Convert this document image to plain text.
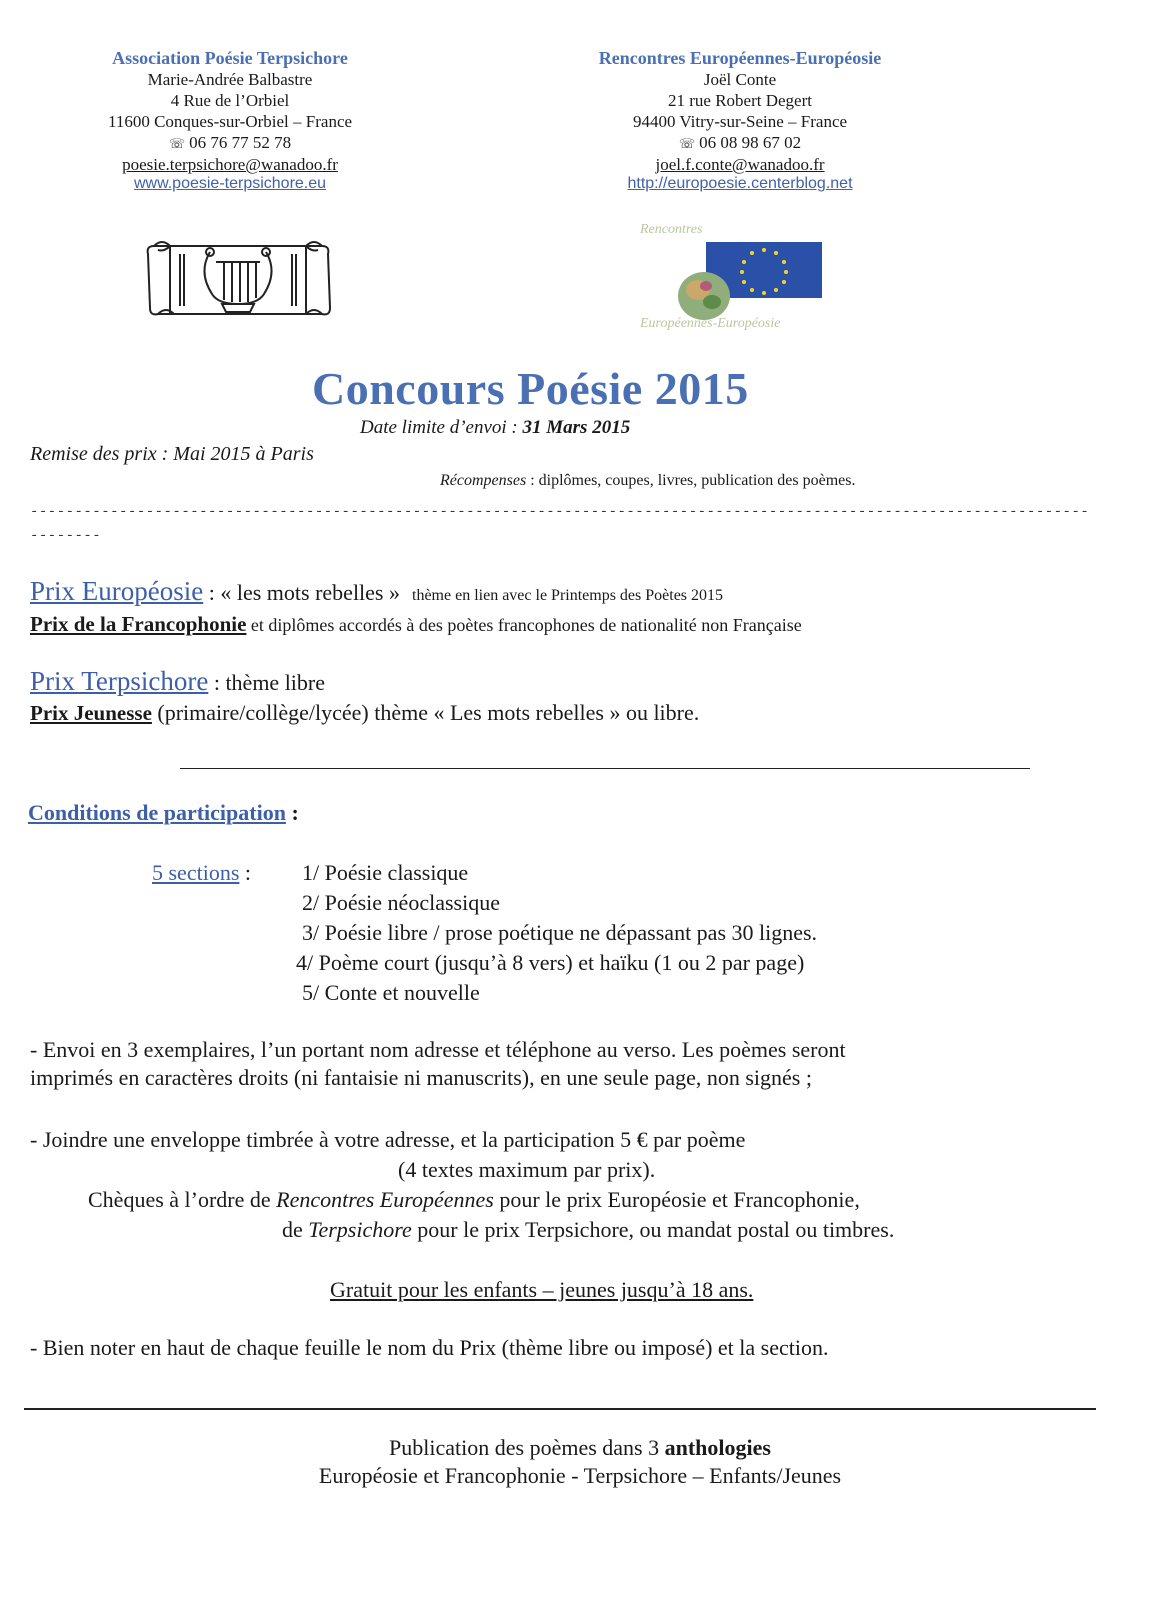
Association Poésie Terpsichore
Marie-Andrée Balbastre
4 Rue de l’Orbiel
11600 Conques-sur-Orbiel – France
☏ 06 76 77 52 78
poesie.terpsichore@wanadoo.fr
www.poesie-terpsichore.eu
Rencontres Européennes-Européosie
Joël Conte
21 rue Robert Degert
94400 Vitry-sur-Seine – France
☏ 06 08 98 67 02
joel.f.conte@wanadoo.fr
http://europoesie.centerblog.net
Rencontres
Européennes-Européosie
Concours Poésie 2015
Date limite d’envoi : 31 Mars 2015
Remise des prix : Mai 2015 à Paris
Récompenses : diplômes, coupes, livres, publication des poèmes.
-----------------------------------------------------------------------------------------------------------------------
--------
Prix Européosie : « les mots rebelles » thème en lien avec le Printemps des Poètes 2015
Prix de la Francophonie et diplômes accordés à des poètes francophones de nationalité non Française
Prix Terpsichore : thème libre
Prix Jeunesse (primaire/collège/lycée) thème « Les mots rebelles » ou libre.
Conditions de participation :
5 sections : 1/ Poésie classique
2/ Poésie néoclassique
3/ Poésie libre / prose poétique ne dépassant pas 30 lignes.
4/ Poème court (jusqu’à 8 vers) et haïku (1 ou 2 par page)
5/ Conte et nouvelle
- Envoi en 3 exemplaires, l’un portant nom adresse et téléphone au verso. Les poèmes seront
imprimés en caractères droits (ni fantaisie ni manuscrits), en une seule page, non signés ;
- Joindre une enveloppe timbrée à votre adresse, et la participation 5 € par poème
(4 textes maximum par prix).
Chèques à l’ordre de Rencontres Européennes pour le prix Européosie et Francophonie,
de Terpsichore pour le prix Terpsichore, ou mandat postal ou timbres.
Gratuit pour les enfants – jeunes jusqu’à 18 ans.
- Bien noter en haut de chaque feuille le nom du Prix (thème libre ou imposé) et la section.
Publication des poèmes dans 3 anthologies
Européosie et Francophonie - Terpsichore – Enfants/Jeunes
